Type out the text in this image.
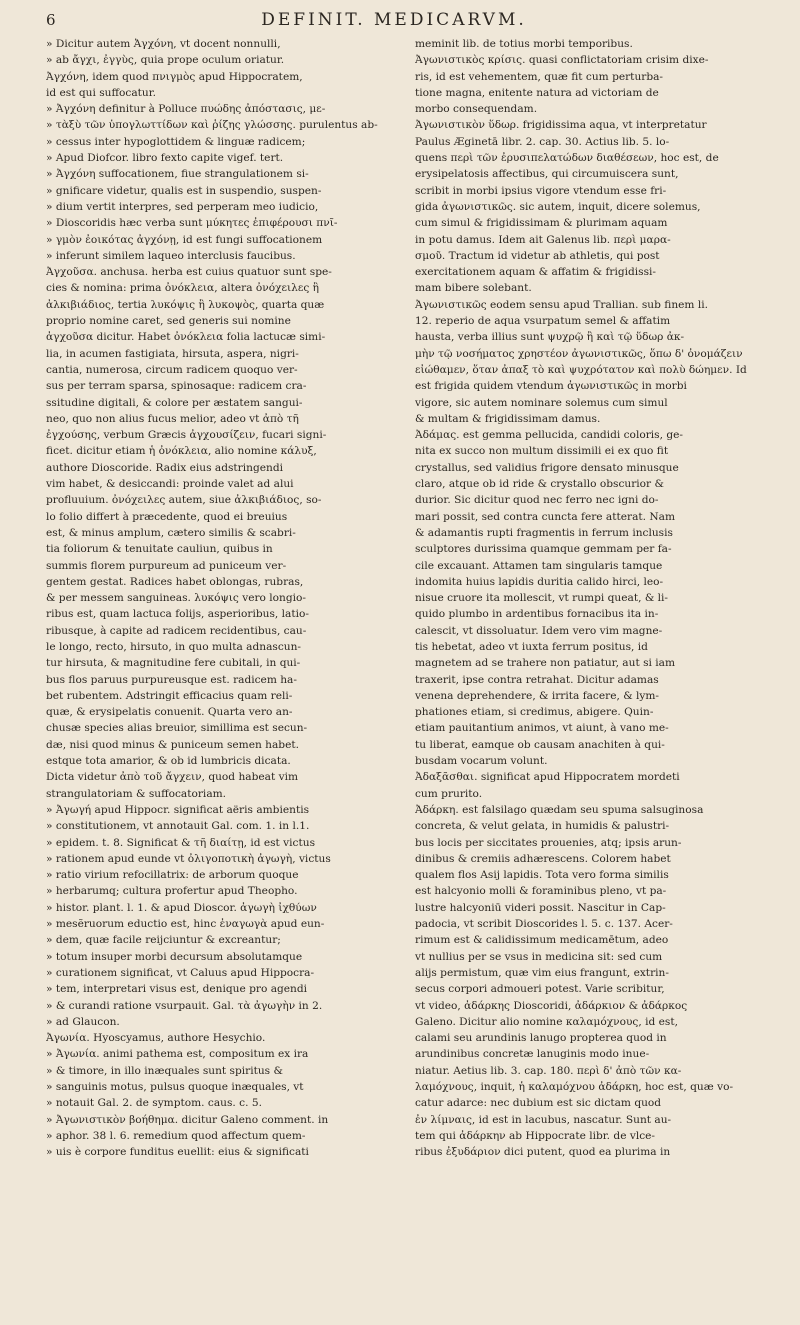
6	DEFINIT. MEDICARVM.
» Dicitur autem Ἀγχόνη, vt docent nonnulli,
» ab ἄγχι, ἐγγὺς, quia prope oculum oriatur.
Ἀγχόνη, idem quod πνιγμὸς apud Hippocratem,
id est qui suffocatur.
» Ἀγχόνη definitur à Polluce πυώδης ἀπόστασις, με-
» τὰξὺ τῶν ὑπογλωττίδων καὶ ῥίζης γλώσσης. purulentus ab-
» cessus inter hypoglottidem & linguæ radicem;
» Apud Diofcor. libro fexto capite vigef. tert.
» Ἀγχόνη suffocationem, fiue strangulationem si-
» gnificare videtur, qualis est in suspendio, suspen-
» dium vertit interpres, sed perperam meo iudicio,
» Dioscoridis hæc verba sunt μύκητες ἐπιφέρουσι πνῖ-
» γμὸν ἐοικότας ἀγχόνῃ, id est fungi suffocationem
» inferunt similem laqueo interclusis faucibus.
Ἀγχοῦσα. anchusa. herba est cuius quatuor sunt spe-
cies & nomina: prima ὀνόκλεια, altera ὀνόχειλες ἢ
ἀλκιβιάδιος, tertia λυκόψις ἢ λυκοψὸς, quarta quæ
proprio nomine caret, sed generis sui nomine
ἀγχοῦσα dicitur. Habet ὀνόκλεια folia lactucæ simi-
lia, in acumen fastigiata, hirsuta, aspera, nigri-
cantia, numerosa, circum radicem quoquo ver-
sus per terram sparsa, spinosaque: radicem cra-
ssitudine digitali, & colore per æstatem sangui-
neo, quo non alius fucus melior, adeo vt ἀπὸ τῆ
ἐγχούσης, verbum Græcis ἀγχουσίζειν, fucari signi-
ficet. dicitur etiam ἡ ὀνόκλεια, alio nomine κάλυξ,
authore Dioscoride. Radix eius adstringendi
vim habet, & desiccandi: proinde valet ad alui
profluuium. ὀνόχειλες autem, siue ἀλκιβιάδιος, so-
lo folio differt à præcedente, quod ei breuius
est, & minus amplum, cætero similis & scabri-
tia foliorum & tenuitate cauliun, quibus in
summis florem purpureum ad puniceum ver-
gentem gestat. Radices habet oblongas, rubras,
& per messem sanguineas. λυκόψις vero longio-
ribus est, quam lactuca folijs, asperioribus, latio-
ribusque, à capite ad radicem recidentibus, cau-
le longo, recto, hirsuto, in quo multa adnascun-
tur hirsuta, & magnitudine fere cubitali, in qui-
bus flos paruus purpureusque est. radicem ha-
bet rubentem. Adstringit efficacius quam reli-
quæ, & erysipelatis conuenit. Quarta vero an-
chusæ species alias breuior, simillima est secun-
dæ, nisi quod minus & puniceum semen habet.
estque tota amarior, & ob id lumbricis dicata.
Dicta videtur ἀπὸ τοῦ ἄγχειν, quod habeat vim
strangulatoriam & suffocatoriam.
» Ἀγωγή apud Hippocr. significat aëris ambientis
» constitutionem, vt annotauit Gal. com. 1. in l.1.
» epidem. t. 8. Significat & τῆ διαίτῃ, id est victus
» rationem apud eunde vt ὀλιγοποτικὴ ἀγωγὴ, victus
» ratio virium refocillatrix: de arborum quoque
» herbarumq; cultura profertur apud Theopho.
» histor. plant. l. 1. & apud Dioscor. ἀγωγὴ ἰχθύων
» mesẽruorum eductio est, hinc ἐναγωγὰ apud eun-
» dem, quæ facile reijciuntur & excreantur;
» totum insuper morbi decursum absolutamque
» curationem significat, vt Caluus apud Hippocra-
» tem, interpretari visus est, denique pro agendi
» & curandi ratione vsurpauit. Gal. τὰ ἀγωγὴν in 2.
» ad Glaucon.
Ἀγωνία. Hyoscyamus, authore Hesychio.
» Ἀγωνία. animi pathema est, compositum ex ira
» & timore, in illo inæquales sunt spiritus &
» sanguinis motus, pulsus quoque inæquales, vt
» notauit Gal. 2. de symptom. caus. c. 5.
» Ἀγωνιστικὸν βοήθημα. dicitur Galeno comment. in
» aphor. 38 l. 6. remedium quod affectum quem-
» uis è corpore funditus euellit: eius & significati
meminit lib. de totius morbi temporibus.
Ἀγωνιστικὸς κρίσις. quasi conflictatoriam crisim dixe-
ris, id est vehementem, quæ fit cum perturba-
tione magna, enitente natura ad victoriam de
morbo consequendam.
Ἀγωνιστικὸν ὕδωρ. frigidissima aqua, vt interpretatur
Paulus Æginetā libr. 2. cap. 30. Actius lib. 5. lo-
quens περὶ τῶν ἐρυσιπελατώδων διαθέσεων, hoc est, de
erysipelatosis affectibus, qui circumuiscera sunt,
scribit in morbi ipsius vigore vtendum esse fri-
gida ἀγωνιστικῶς. sic autem, inquit, dicere solemus,
cum simul & frigidissimam & plurimam aquam
in potu damus. Idem ait Galenus lib. περὶ μαρα-
σμοῦ. Tractum id videtur ab athletis, qui post
exercitationem aquam & affatim & frigidissi-
mam bibere solebant.
Ἀγωνιστικῶς eodem sensu apud Trallian. sub finem li.
12. reperio de aqua vsurpatum semel & affatim
hausta, verba illius sunt ψυχρῷ ἢ καὶ τῷ ὕδωρ ἀκ-
μὴν τῷ νοσήματος χρηστέον ἀγωνιστικῶς, ὅπω δ' ὀνομάζειν
εἰώθαμεν, ὅταν ἀπαξ τὸ καὶ ψυχρότατον καὶ πολὺ δώημεν. Id
est frigida quidem vtendum ἀγωνιστικῶς in morbi
vigore, sic autem nominare solemus cum simul
& multam & frigidissimam damus.
Ἀδάμας. est gemma pellucida, candidi coloris, ge-
nita ex succo non multum dissimili ei ex quo fit
crystallus, sed validius frigore densato minusque
claro, atque ob id ride & crystallo obscurior &
durior. Sic dicitur quod nec ferro nec igni do-
mari possit, sed contra cuncta fere atterat. Nam
& adamantis rupti fragmentis in ferrum inclusis
sculptores durissima quamque gemmam per fa-
cile excauant. Attamen tam singularis tamque
indomita huius lapidis duritia calido hirci, leo-
nisue cruore ita mollescit, vt rumpi queat, & li-
quido plumbo in ardentibus fornacibus ita in-
calescit, vt dissoluatur. Idem vero vim magne-
tis hebetat, adeo vt iuxta ferrum positus, id
magnetem ad se trahere non patiatur, aut si iam
traxerit, ipse contra retrahat. Dicitur adamas
venena deprehendere, & irrita facere, & lym-
phationes etiam, si credimus, abigere. Quin-
etiam pauitantium animos, vt aiunt, à vano me-
tu liberat, eamque ob causam anachiten à qui-
busdam vocarum volunt.
Ἀδαξᾶσθαι. significat apud Hippocratem mordeti
cum prurito.
Ἀδάρκη. est falsilago quædam seu spuma salsuginosa
concreta, & velut gelata, in humidis & palustri-
bus locis per siccitates prouenies, atq; ipsis arun-
dinibus & cremiis adhærescens. Colorem habet
qualem flos Asij lapidis. Tota vero forma similis
est halcyonio molli & foraminibus pleno, vt pa-
lustre halcyoniū videri possit. Nascitur in Cap-
padocia, vt scribit Dioscorides l. 5. c. 137. Acer-
rimum est & calidissimum medicamētum, adeo
vt nullius per se vsus in medicina sit: sed cum
alijs permistum, quæ vim eius frangunt, extrin-
secus corpori admoueri potest. Varie scribitur,
vt video, ἀδάρκης Dioscoridi, ἀδάρκιον & ἀδάρκος
Galeno. Dicitur alio nomine καλαμόχνους, id est,
calami seu arundinis lanugo propterea quod in
arundinibus concretæ lanuginis modo inue-
niatur. Aetius lib. 3. cap. 180. περὶ δ' ἀπὸ τῶν κα-
λαμόχνους, inquit, ἡ καλαμόχνου ἀδάρκη, hoc est, quæ vo-
catur adarce: nec dubium est sic dictam quod
ἐν λίμναις, id est in lacubus, nascatur. Sunt au-
tem qui ἀδάρκην ab Hippocrate libr. de vlce-
ribus ἐξυδάριον dici putent, quod ea plurima in
